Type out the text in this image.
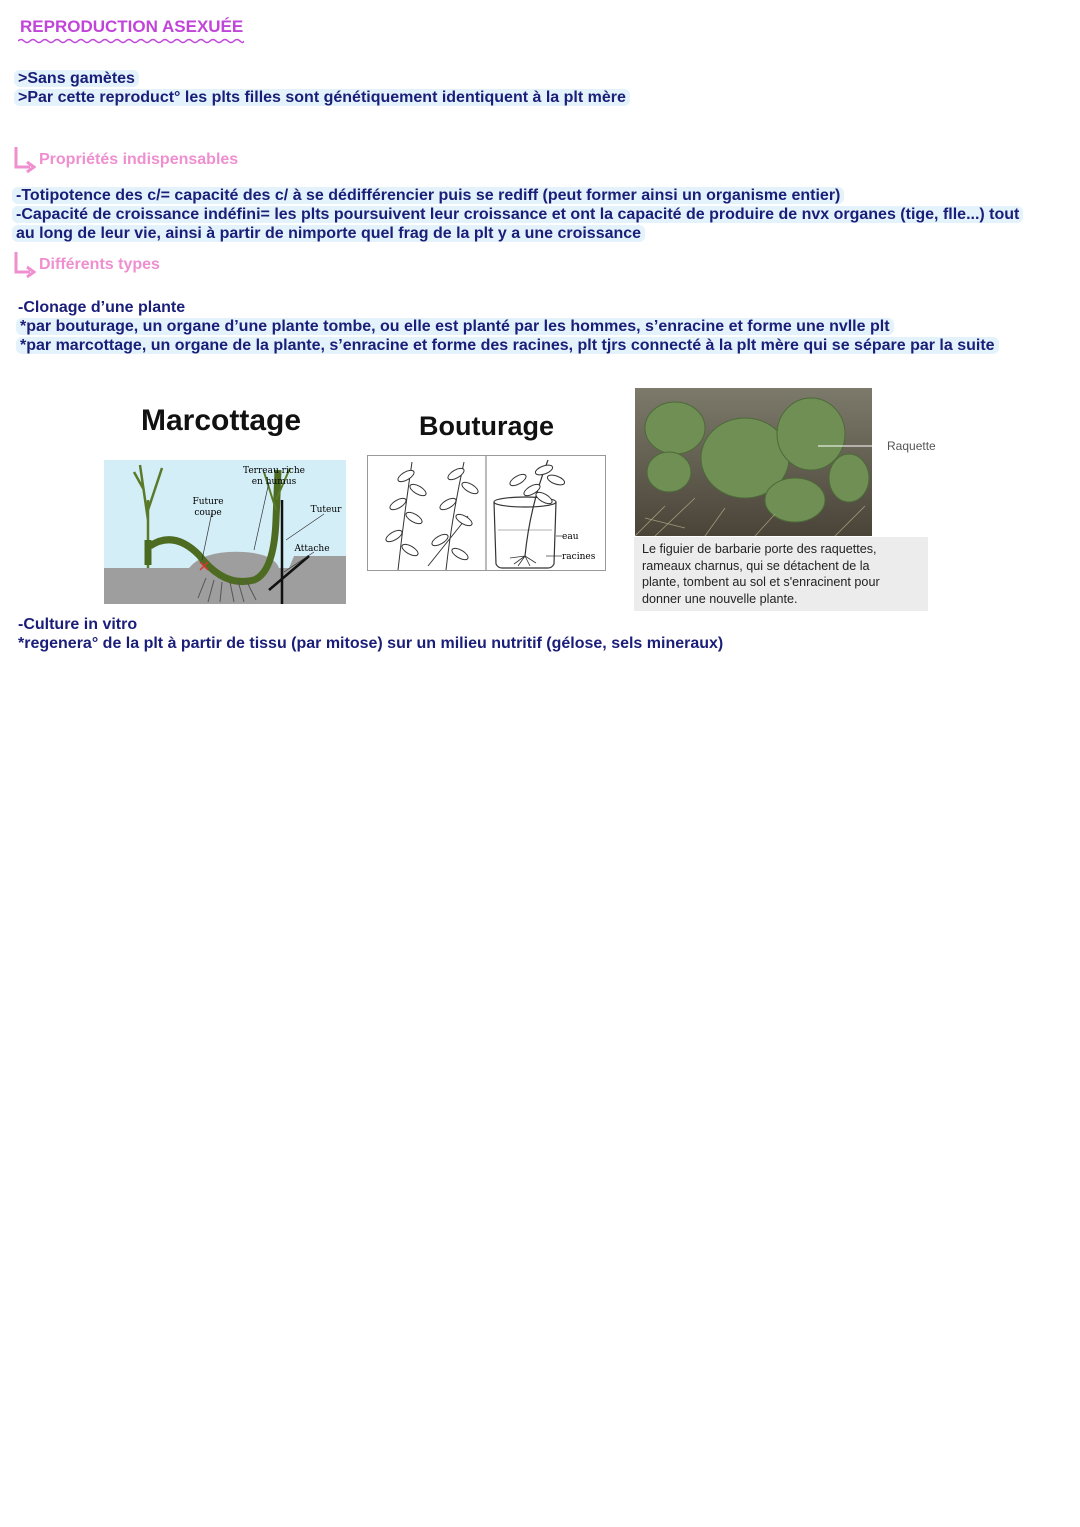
REPRODUCTION ASEXUÉE
>Sans gamètes
>Par cette reproduct° les plts filles sont génétiquement identiquent à la plt mère
Propriétés indispensables
-Totipotence des c/= capacité des c/ à se dédifférencier puis se rediff (peut former ainsi un organisme entier)
-Capacité de croissance indéfini= les plts poursuivent leur croissance et ont la capacité de produire de nvx organes (tige, flle...) tout
au long de leur vie, ainsi à partir de nimporte quel frag de la plt y a une croissance
Différents types
-Clonage d’une plante
*par bouturage, un organe d’une plante tombe, ou elle est planté par les hommes, s’enracine et forme une nvlle plt
*par marcottage, un organe de la plante, s’enracine et forme des racines, plt tjrs connecté à la plt mère qui se sépare par la suite
Marcottage
Terreau riche
en humus
Future
coupe	Tuteur
Attache
Bouturage
eau
racines
Raquette
Le figuier de barbarie porte des raquettes,
rameaux charnus, qui se détachent de la
plante, tombent au sol et s'enracinent pour
donner une nouvelle plante.
-Culture in vitro
*regenera° de la plt à partir de tissu (par mitose) sur un milieu nutritif (gélose, sels mineraux)
